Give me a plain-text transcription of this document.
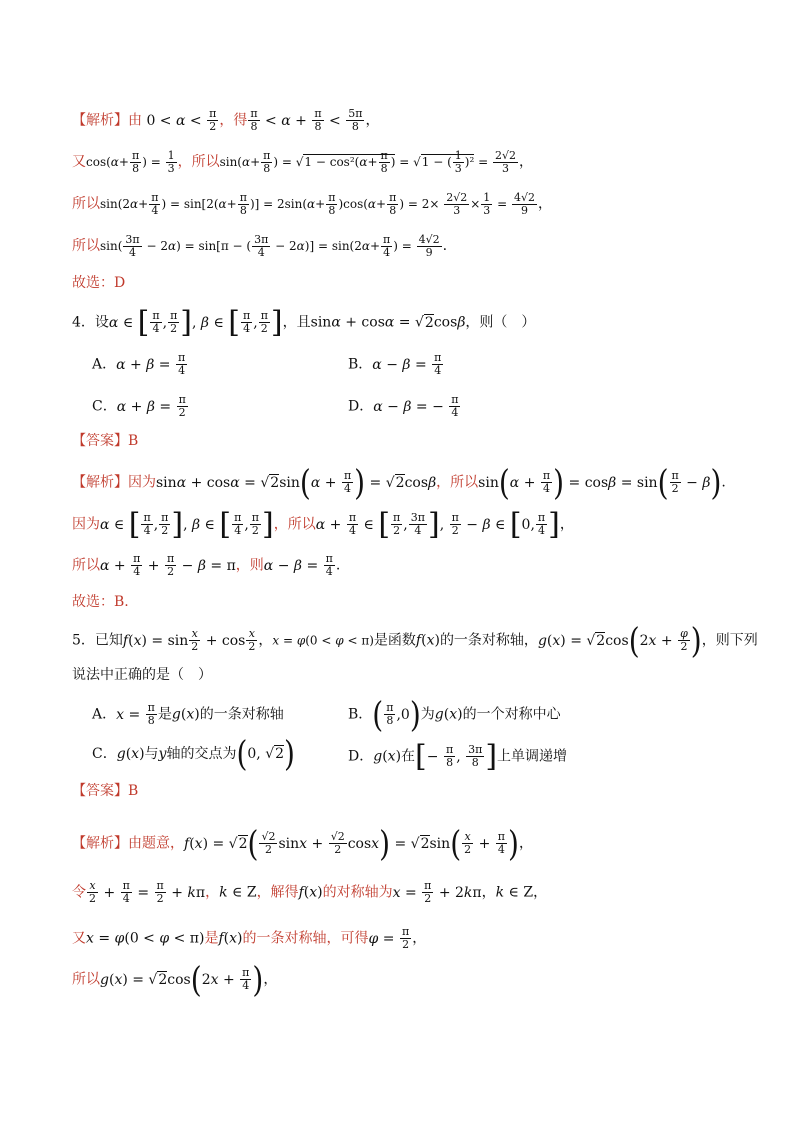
【解析】由 $0 < \alpha < \frac{\pi}{2}$ ，得 $\frac{\pi}{8} < \alpha + \frac{\pi}{8} < \frac{5\pi}{8}$ ，
又$\cos(\alpha+ \frac{\pi}{8}$ ) = $\frac{1}{3}$ ，所以$\sin(\alpha+ \frac{\pi}{8}$ ) = $√1 - \cos^2(\alpha+ \frac{\pi}{8}$ ) = √1 − ( $\frac{1}{3} )^2 = \frac{2√2}{3}$ ，
所以$\sin(2\alpha+ \frac{\pi}{4}$ ) = $\sin[2(\alpha+ \frac{\pi}{8}$ )] = $2\sin(\alpha+ \frac{\pi}{8} )\cos(\alpha+ \frac{\pi}{8}$ ) = $2\times \frac{2√2}{3} \times \frac{1}{3} = \frac{4√2}{9}$ ，
所以$\sin( \frac{3\pi}{4} - 2\alpha) = \sin[\pi$ − ( $\frac{3\pi}{4} - 2\alpha)] = \sin(2\alpha+ \frac{\pi}{4}$ ) = $\frac{4√2}{9}$ .
故选：D
4．设α ∈ [ $\frac{\pi}{4}$ , $\frac{\pi}{2}$ ], β ∈ [ $\frac{\pi}{4}$ , $\frac{\pi}{2}$ ]，且sinα + cosα = √2cosβ，则（　）
A．$\alpha + \beta = \frac{\pi}{4}$	B．$\alpha - \beta = \frac{\pi}{4}$
C．$\alpha + \beta = \frac{\pi}{2}$	D．α − β = − $\frac{\pi}{4}$
【答案】B
【解析】因为$\sin\alpha + \cos\alpha = √2\sin(\alpha + \frac{\pi}{4}$ ) = √2cosβ，所以$\sin(\alpha + \frac{\pi}{4}$ ) = $\cos\beta = \sin( \frac{\pi}{2} - \beta)$.
因为α ∈ [ $\frac{\pi}{4}$ , $\frac{\pi}{2}$ ], β ∈ [ $\frac{\pi}{4}$ , $\frac{\pi}{2}$ ]，所以$\alpha + \frac{\pi}{4}$ ∈ [ $\frac{\pi}{2}$ , $\frac{3\pi}{4}$ ], $\frac{\pi}{2} - \beta$ ∈ [0, $\frac{\pi}{4}$ ]，
所以$\alpha + \frac{\pi}{4} + \frac{\pi}{2} - \beta = \pi$，则$\alpha - \beta = \frac{\pi}{4}$ .
故选：B.
5．已知$f(x) = \sin \frac{x}{2} + \cos \frac{x}{2}$ ，x = φ(0 < φ < π)是函数f(x)的一条对称轴，$g(x) = √2\cos(2x + \frac{\varphi}{2}$ )，则下列
说法中正确的是（　）
A．$x = \frac{\pi}{8}$ 是g(x)的一条对称轴	B．( $\frac{\pi}{8} ,0$)为g(x)的一个对称中心
C．g(x)与y轴的交点为(0, √2)	D．g(x)在[− $\frac{\pi}{8}$ , $\frac{3\pi}{8}$ ]上单调递增
【答案】B
【解析】由题意，$f(x) = √2( \frac{√2}{2}$ $\sin x + \frac{√2}{2} \cos x) = √2\sin( \frac{x}{2} + \frac{\pi}{4}$ )，
令 $\frac{x}{2} + \frac{\pi}{4} = \frac{\pi}{2} + k\pi$，k ∈ Z，解得f(x)的对称轴为$x = \frac{\pi}{2} + 2k\pi$，k ∈ Z，
又x = φ(0 < φ < π)是f(x)的一条对称轴，可得$\varphi = \frac{\pi}{2}$ ，
所以$g(x) = √2\cos(2x + \frac{\pi}{4}$ )，
